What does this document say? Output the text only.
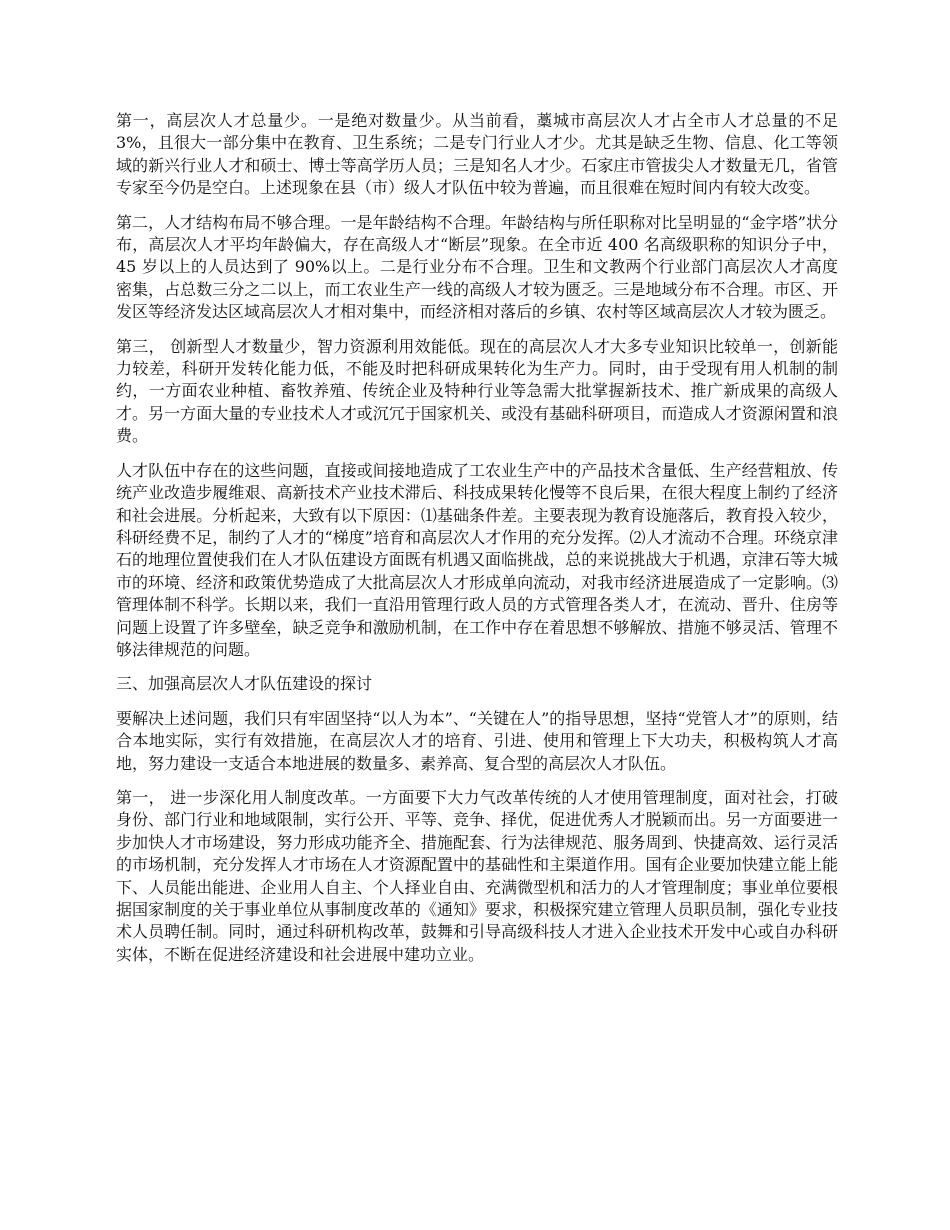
第一，高层次人才总量少。一是绝对数量少。从当前看，藁城市高层次人才占全市人才总量的不足 3%，且很大一部分集中在教育、卫生系统；二是专门行业人才少。尤其是缺乏生物、信息、化工等领域的新兴行业人才和硕士、博士等高学历人员；三是知名人才少。石家庄市管拔尖人才数量无几，省管专家至今仍是空白。上述现象在县（市）级人才队伍中较为普遍，而且很难在短时间内有较大改变。

第二，人才结构布局不够合理。一是年龄结构不合理。年龄结构与所任职称对比呈明显的“金字塔”状分布，高层次人才平均年龄偏大，存在高级人才“断层”现象。在全市近 400 名高级职称的知识分子中，45 岁以上的人员达到了 90%以上。二是行业分布不合理。卫生和文教两个行业部门高层次人才高度密集，占总数三分之二以上，而工农业生产一线的高级人才较为匮乏。三是地域分布不合理。市区、开发区等经济发达区域高层次人才相对集中，而经济相对落后的乡镇、农村等区域高层次人才较为匮乏。

第三， 创新型人才数量少，智力资源利用效能低。现在的高层次人才大多专业知识比较单一，创新能力较差，科研开发转化能力低，不能及时把科研成果转化为生产力。同时，由于受现有用人机制的制约，一方面农业种植、畜牧养殖、传统企业及特种行业等急需大批掌握新技术、推广新成果的高级人才。另一方面大量的专业技术人才或沉冗于国家机关、或没有基础科研项目，而造成人才资源闲置和浪费。

人才队伍中存在的这些问题，直接或间接地造成了工农业生产中的产品技术含量低、生产经营粗放、传统产业改造步履维艰、高新技术产业技术滞后、科技成果转化慢等不良后果，在很大程度上制约了经济和社会进展。分析起来，大致有以下原因：⑴基础条件差。主要表现为教育设施落后，教育投入较少，科研经费不足，制约了人才的“梯度”培育和高层次人才作用的充分发挥。⑵人才流动不合理。环绕京津石的地理位置使我们在人才队伍建设方面既有机遇又面临挑战，总的来说挑战大于机遇，京津石等大城市的环境、经济和政策优势造成了大批高层次人才形成单向流动，对我市经济进展造成了一定影响。⑶管理体制不科学。长期以来，我们一直沿用管理行政人员的方式管理各类人才，在流动、晋升、住房等问题上设置了许多壁垒，缺乏竞争和激励机制，在工作中存在着思想不够解放、措施不够灵活、管理不够法律规范的问题。

三、加强高层次人才队伍建设的探讨

要解决上述问题，我们只有牢固坚持“以人为本”、“关键在人”的指导思想，坚持“党管人才”的原则，结合本地实际，实行有效措施，在高层次人才的培育、引进、使用和管理上下大功夫，积极构筑人才高地，努力建设一支适合本地进展的数量多、素养高、复合型的高层次人才队伍。

第一， 进一步深化用人制度改革。一方面要下大力气改革传统的人才使用管理制度，面对社会，打破身份、部门行业和地域限制，实行公开、平等、竞争、择优，促进优秀人才脱颖而出。另一方面要进一步加快人才市场建设，努力形成功能齐全、措施配套、行为法律规范、服务周到、快捷高效、运行灵活的市场机制，充分发挥人才市场在人才资源配置中的基础性和主渠道作用。国有企业要加快建立能上能下、人员能出能进、企业用人自主、个人择业自由、充满微型机和活力的人才管理制度；事业单位要根据国家制度的关于事业单位从事制度改革的《通知》要求，积极探究建立管理人员职员制，强化专业技术人员聘任制。同时，通过科研机构改革，鼓舞和引导高级科技人才进入企业技术开发中心或自办科研实体，不断在促进经济建设和社会进展中建功立业。
